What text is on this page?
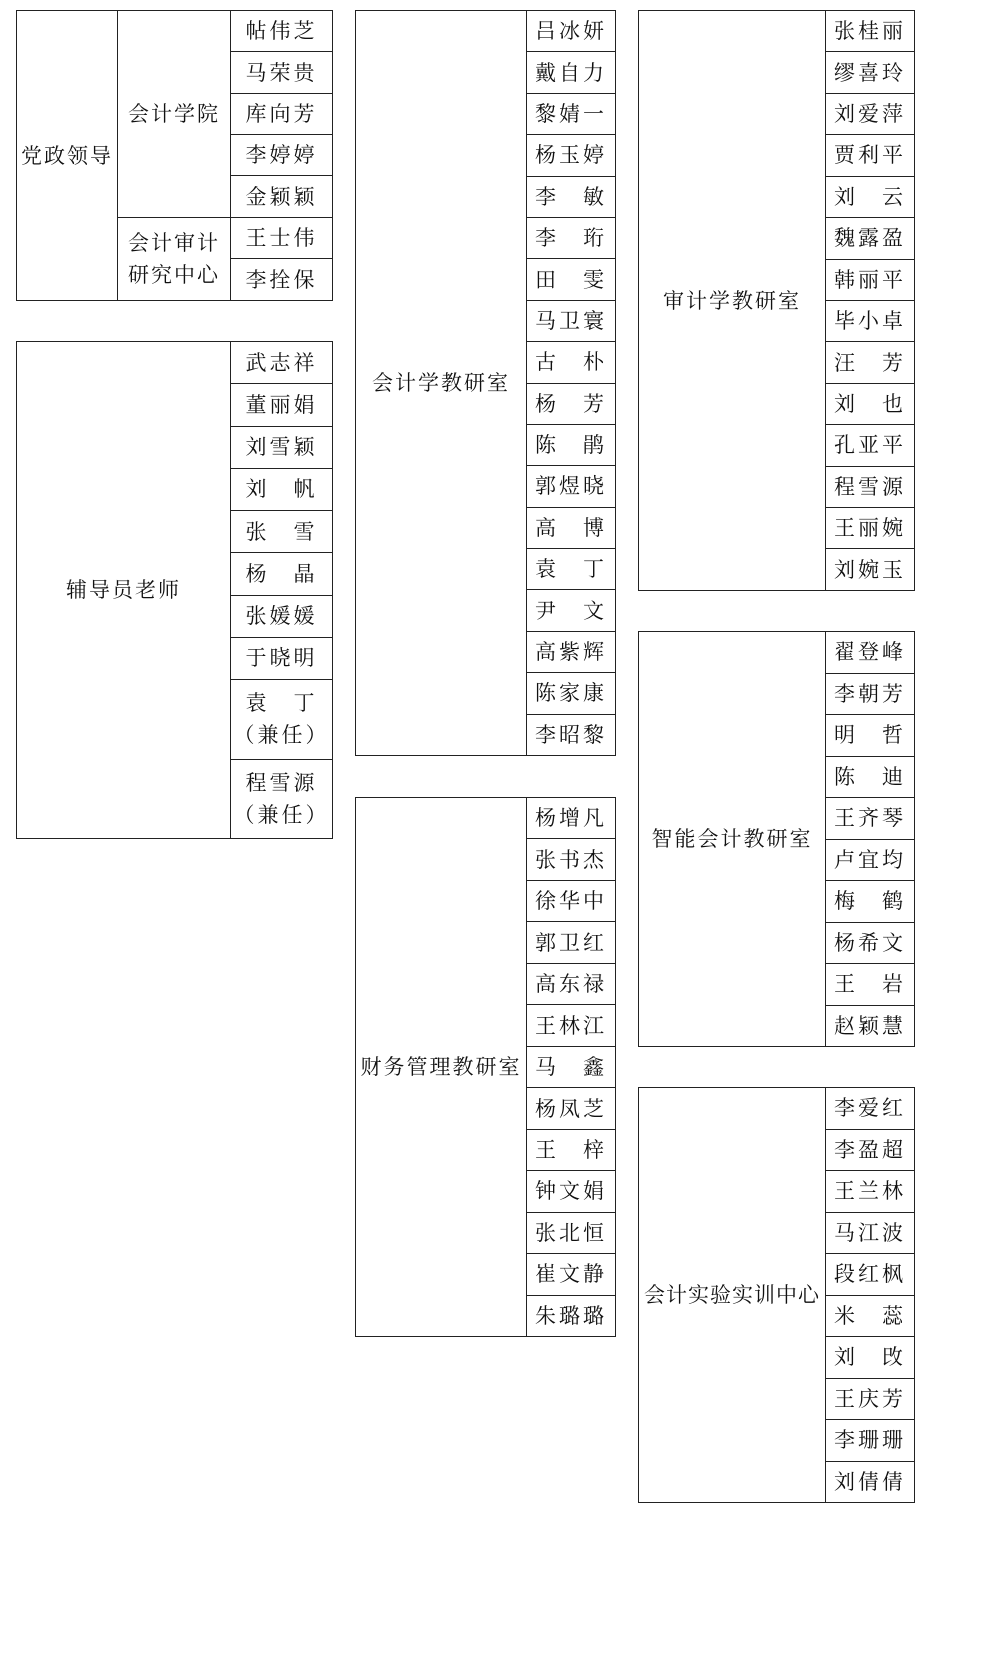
党政领导
会计学院
帖伟芝
马荣贵
库向芳
李婷婷
金颖颖
会计审计
研究中心
王士伟
李拴保
辅导员老师
武志祥
董丽娟
刘雪颖
刘　帆
张　雪
杨　晶
张媛媛
于晓明
袁　丁
（兼任）
程雪源
（兼任）
会计学教研室
吕冰妍
戴自力
黎婧一
杨玉婷
李　敏
李　珩
田　雯
马卫寰
古　朴
杨　芳
陈　鹃
郭煜晓
高　博
袁　丁
尹　文
高紫辉
陈家康
李昭黎
财务管理教研室
杨增凡
张书杰
徐华中
郭卫红
高东禄
王林江
马　鑫
杨凤芝
王　梓
钟文娟
张北恒
崔文静
朱璐璐
审计学教研室
张桂丽
缪喜玲
刘爱萍
贾利平
刘　云
魏露盈
韩丽平
毕小卓
汪　芳
刘　也
孔亚平
程雪源
王丽婉
刘婉玉
智能会计教研室
翟登峰
李朝芳
明　哲
陈　迪
王齐琴
卢宜均
梅　鹤
杨希文
王　岩
赵颖慧
会计实验实训中心
李爱红
李盈超
王兰林
马江波
段红枫
米　蕊
刘　攺
王庆芳
李珊珊
刘倩倩
